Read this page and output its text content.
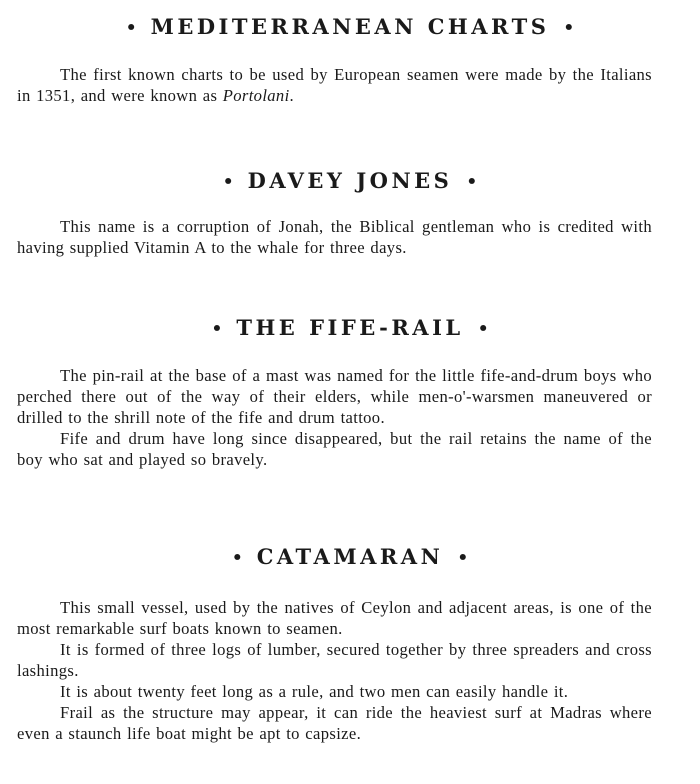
• MEDITERRANEAN CHARTS •

The first known charts to be used by European seamen were made by the Italians in 1351, and were known as Portolani.

• DAVEY JONES •

This name is a corruption of Jonah, the Biblical gentleman who is credited with having supplied Vitamin A to the whale for three days.

• THE FIFE-RAIL •

The pin-rail at the base of a mast was named for the little fife-and-drum boys who perched there out of the way of their elders, while men-o'-warsmen maneuvered or drilled to the shrill note of the fife and drum tattoo.

Fife and drum have long since disappeared, but the rail retains the name of the boy who sat and played so bravely.

• CATAMARAN •

This small vessel, used by the natives of Ceylon and adjacent areas, is one of the most remarkable surf boats known to seamen.

It is formed of three logs of lumber, secured together by three spreaders and cross lashings.

It is about twenty feet long as a rule, and two men can easily handle it.

Frail as the structure may appear, it can ride the heaviest surf at Madras where even a staunch life boat might be apt to capsize.
